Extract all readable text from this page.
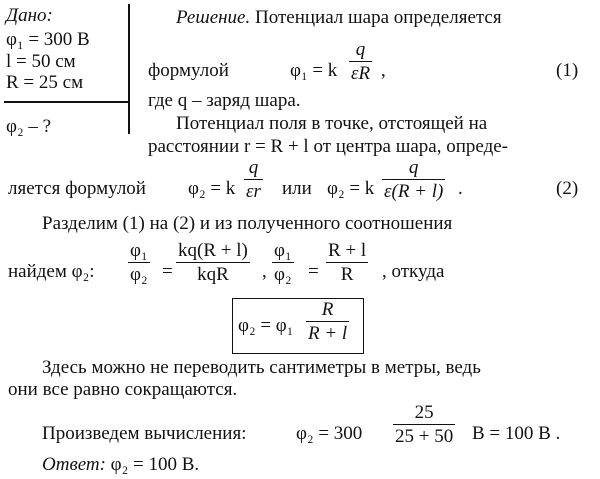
Дано:
φ₁ = 300 В
l = 50 см
R = 25 см
φ₂ – ?
Решение. Потенциал шара определяется
формулой	φ₁ = k
q
εR ,	(1)
где q – заряд шара.
Потенциал поля в точке, отстоящей на
расстоянии r = R + l от центра шара, опреде-
ляется формулой φ₂ = k
q
εr или φ₂ = k
q
ε(R + l) .	(2)
Разделим (1) на (2) и из полученного соотношения
найдем φ₂:
φ₁
φ₂ =
kq(R + l)
kqR	,
φ₁
φ₂ =
R + l
R	, откуда
φ₂ = φ₁
R
R + l
Здесь можно не переводить сантиметры в метры, ведь
они все равно сокращаются.
Произведем вычисления:	φ₂ = 300
25
25 + 50 В = 100 В .
Ответ: φ₂ = 100 В.
